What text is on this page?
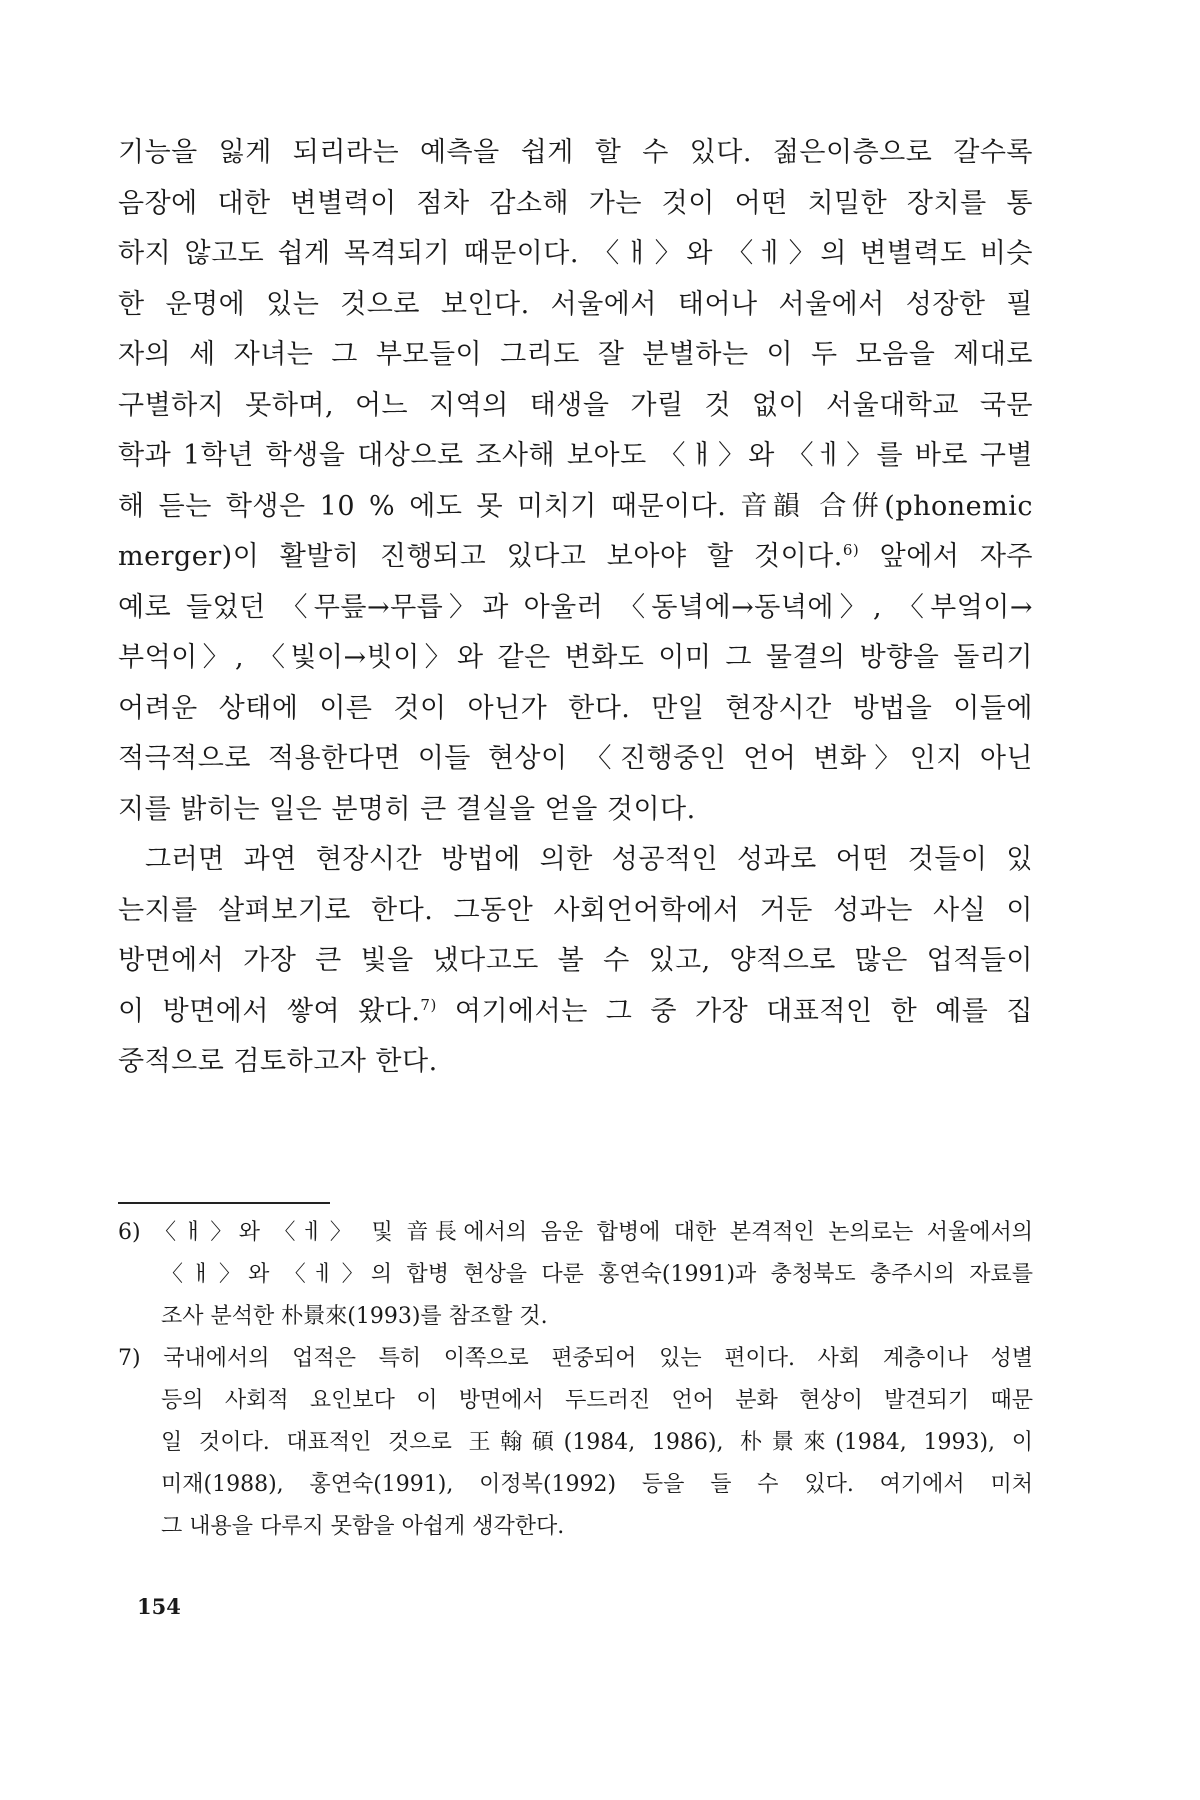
기능을 잃게 되리라는 예측을 쉽게 할 수 있다. 젊은이층으로 갈수록
음장에 대한 변별력이 점차 감소해 가는 것이 어떤 치밀한 장치를 통
하지 않고도 쉽게 목격되기 때문이다. 〈ㅐ〉와 〈ㅔ〉의 변별력도 비슷
한 운명에 있는 것으로 보인다. 서울에서 태어나 서울에서 성장한 필
자의 세 자녀는 그 부모들이 그리도 잘 분별하는 이 두 모음을 제대로
구별하지 못하며, 어느 지역의 태생을 가릴 것 없이 서울대학교 국문
학과 1학년 학생을 대상으로 조사해 보아도 〈ㅐ〉와 〈ㅔ〉를 바로 구별
해 듣는 학생은 10 % 에도 못 미치기 때문이다. 音韻 合倂(phonemic
merger)이 활발히 진행되고 있다고 보아야 할 것이다.$^{6)}$ 앞에서 자주
예로 들었던 〈무릎→무릅〉과 아울러 〈동녘에→동녁에〉, 〈부엌이→
부억이〉, 〈빛이→빗이〉와 같은 변화도 이미 그 물결의 방향을 돌리기
어려운 상태에 이른 것이 아닌가 한다. 만일 현장시간 방법을 이들에
적극적으로 적용한다면 이들 현상이 〈진행중인 언어 변화〉인지 아닌
지를 밝히는 일은 분명히 큰 결실을 얻을 것이다.

그러면 과연 현장시간 방법에 의한 성공적인 성과로 어떤 것들이 있
는지를 살펴보기로 한다. 그동안 사회언어학에서 거둔 성과는 사실 이
방면에서 가장 큰 빛을 냈다고도 볼 수 있고, 양적으로 많은 업적들이
이 방면에서 쌓여 왔다.$^{7)}$ 여기에서는 그 중 가장 대표적인 한 예를 집
중적으로 검토하고자 한다.

6) 〈ㅐ〉와 〈ㅔ〉 및 音長에서의 음운 합병에 대한 본격적인 논의로는 서울에서의
〈ㅐ〉와 〈ㅔ〉의 합병 현상을 다룬 홍연숙(1991)과 충청북도 충주시의 자료를
조사 분석한 朴㬌來(1993)를 참조할 것.
7) 국내에서의 업적은 특히 이쪽으로 편중되어 있는 편이다. 사회 계층이나 성별
등의 사회적 요인보다 이 방면에서 두드러진 언어 분화 현상이 발견되기 때문
일 것이다. 대표적인 것으로 王翰碩(1984, 1986), 朴㬌來(1984, 1993), 이
미재(1988), 홍연숙(1991), 이정복(1992) 등을 들 수 있다. 여기에서 미처
그 내용을 다루지 못함을 아쉽게 생각한다.
154
